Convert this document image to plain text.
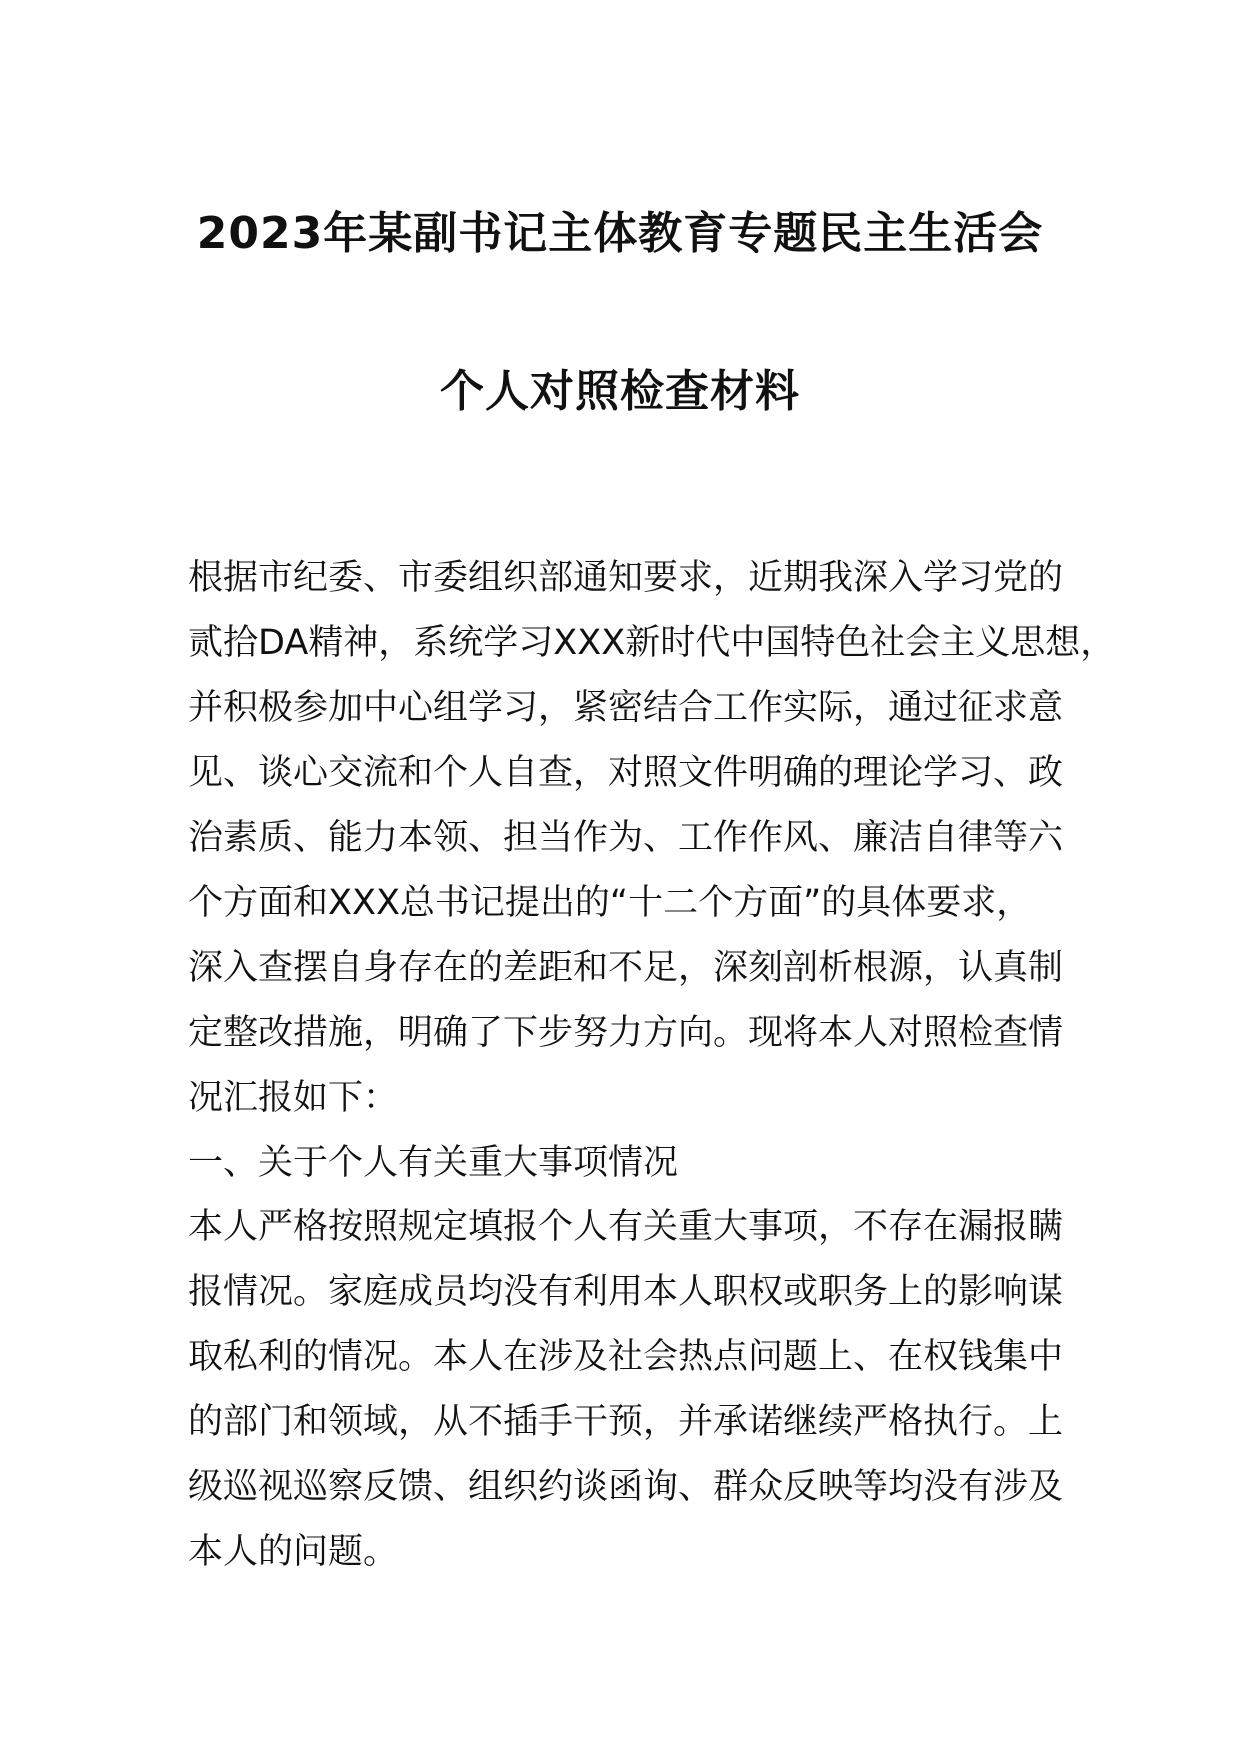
2023年某副书记主体教育专题民主生活会
个人对照检查材料
根据市纪委、市委组织部通知要求，近期我深入学习党的
贰拾DA精神，系统学习XXX新时代中国特色社会主义思想，
并积极参加中心组学习，紧密结合工作实际，通过征求意
见、谈心交流和个人自查，对照文件明确的理论学习、政
治素质、能力本领、担当作为、工作作风、廉洁自律等六
个方面和XXX总书记提出的“十二个方面”的具体要求，
深入查摆自身存在的差距和不足，深刻剖析根源，认真制
定整改措施，明确了下步努力方向。现将本人对照检查情
况汇报如下：
一、关于个人有关重大事项情况
本人严格按照规定填报个人有关重大事项，不存在漏报瞒
报情况。家庭成员均没有利用本人职权或职务上的影响谋
取私利的情况。本人在涉及社会热点问题上、在权钱集中
的部门和领域，从不插手干预，并承诺继续严格执行。上
级巡视巡察反馈、组织约谈函询、群众反映等均没有涉及
本人的问题。
